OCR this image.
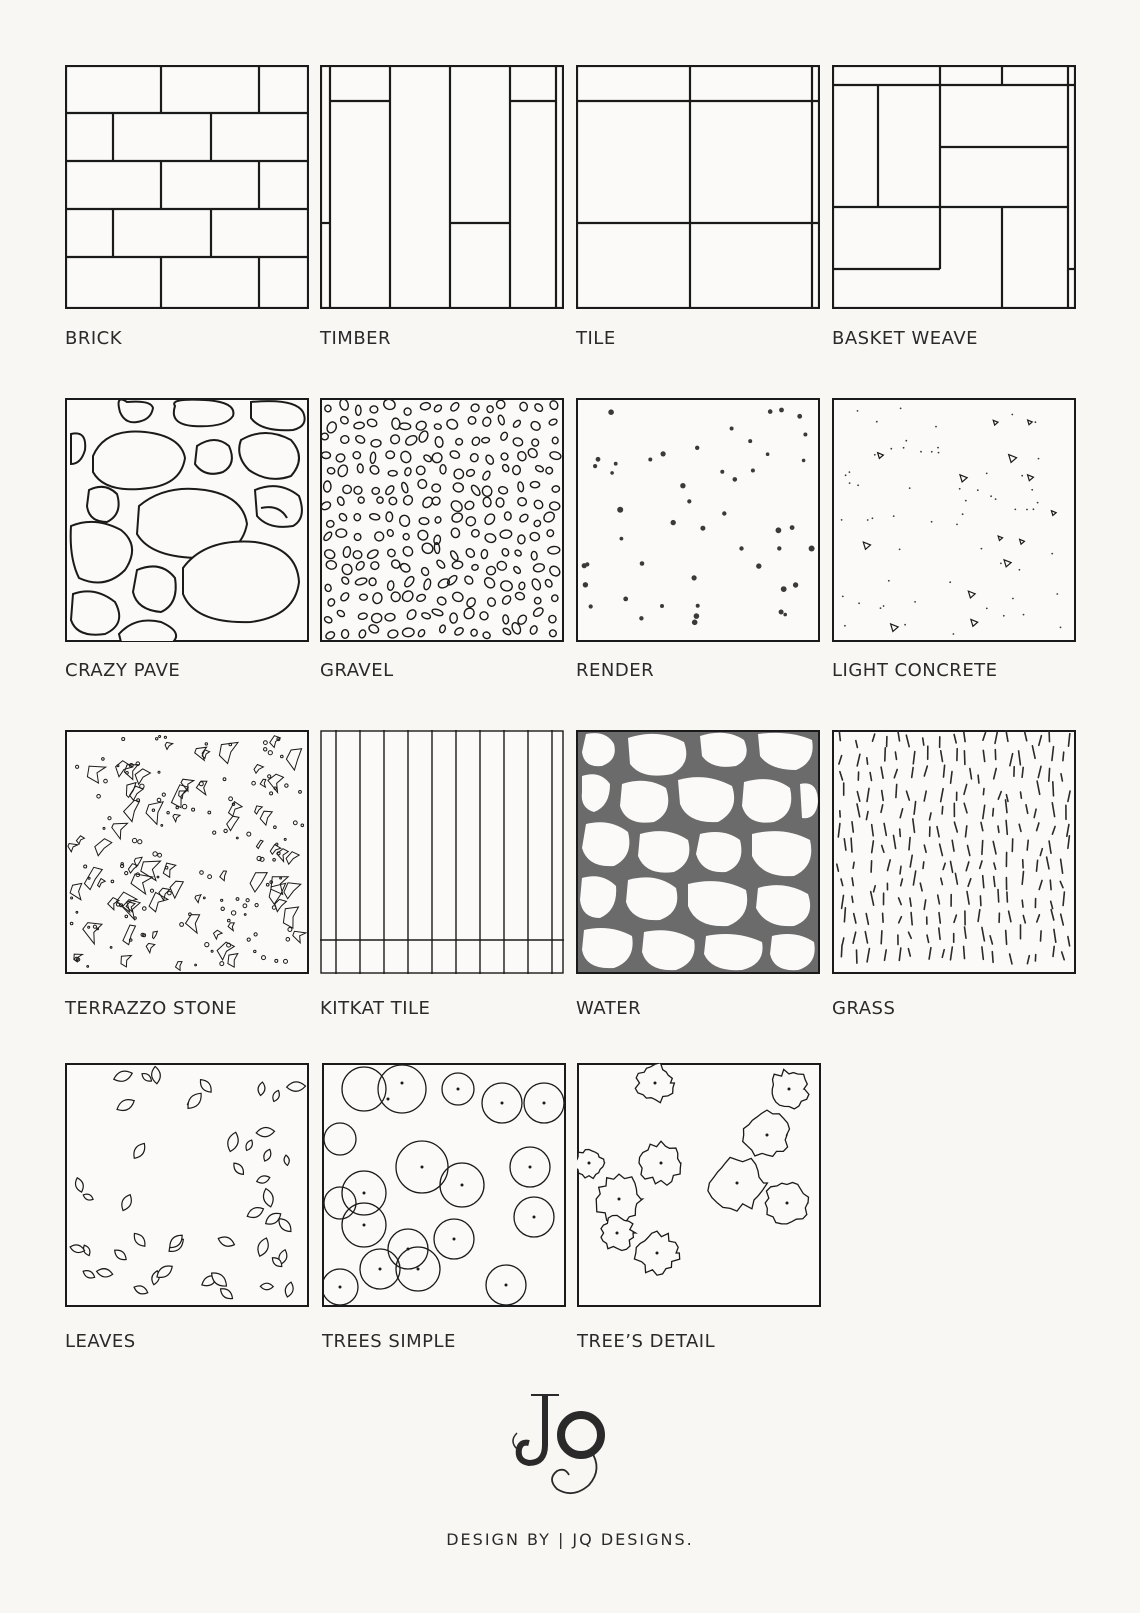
BRICK	TIMBER	TILE	BASKET WEAVE
CRAZY PAVE	GRAVEL	RENDER	LIGHT CONCRETE
TERRAZZO STONE	KITKAT TILE	WATER	GRASS
LEAVES	TREES SIMPLE	TREE’S DETAIL
DESIGN BY | JQ DESIGNS.
